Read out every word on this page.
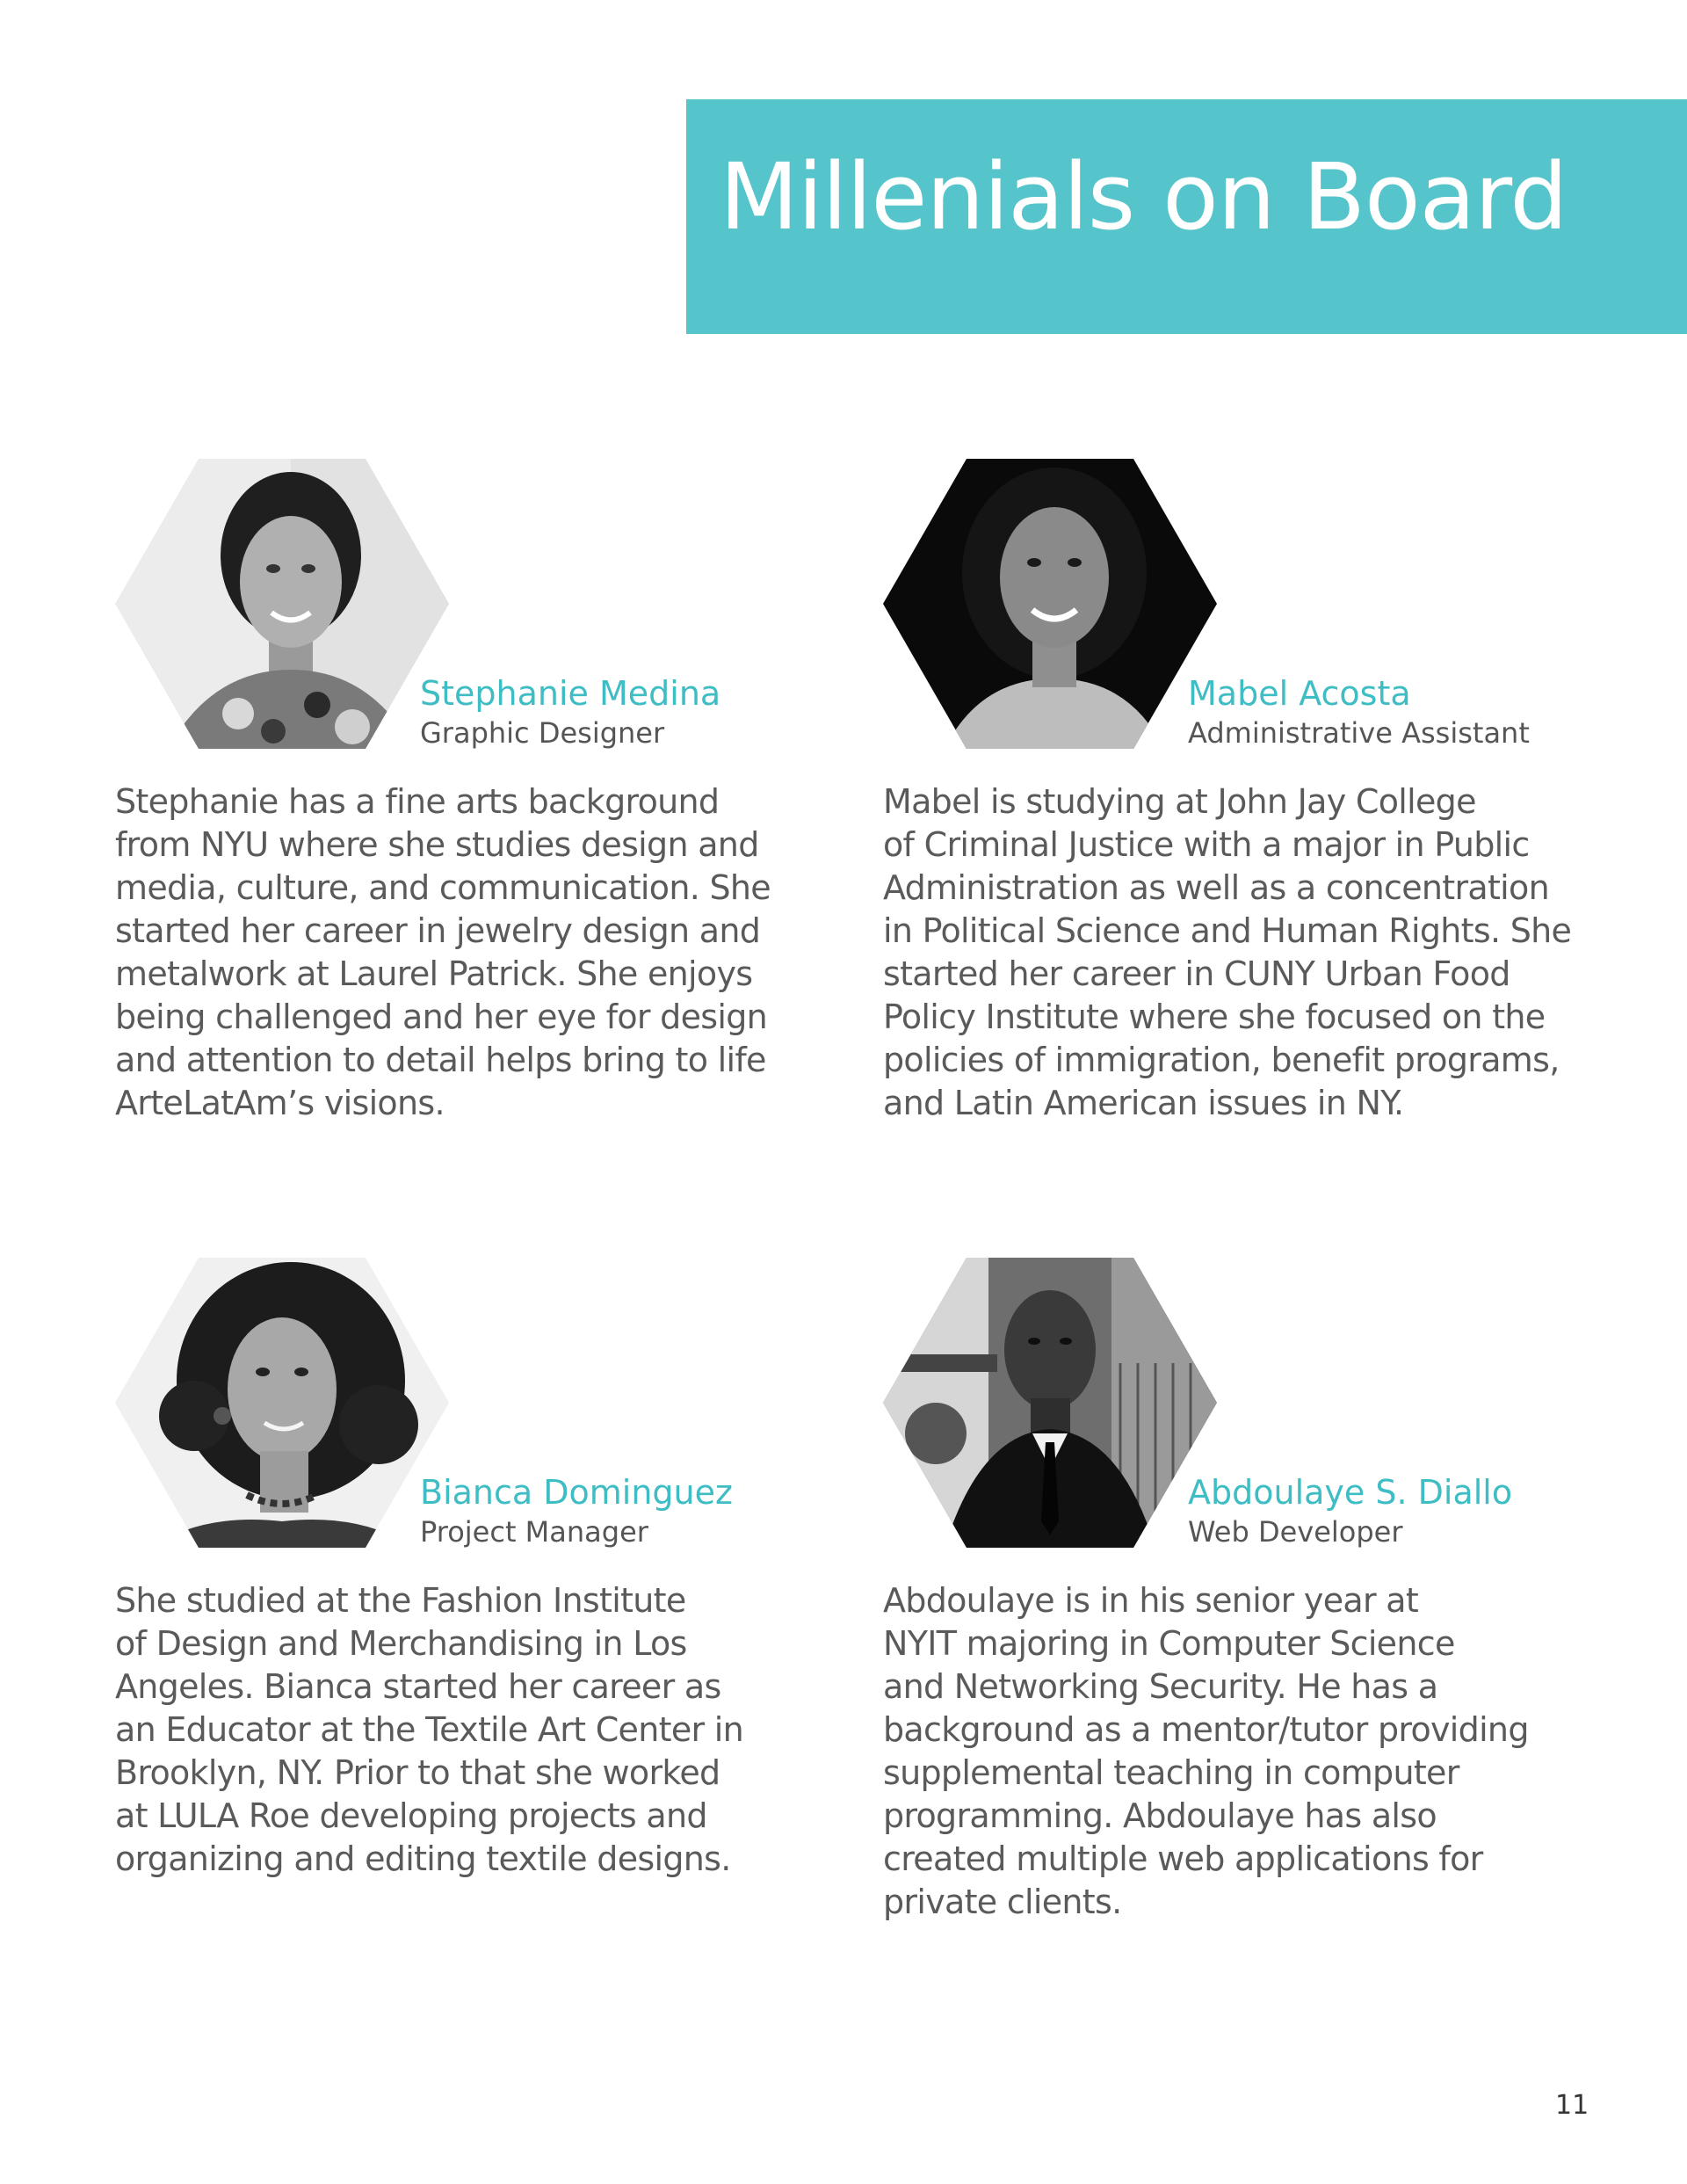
Millenials on Board
Stephanie Medina
Graphic Designer

Stephanie has a fine arts background
from NYU where she studies design and
media, culture, and communication. She
started her career in jewelry design and
metalwork at Laurel Patrick. She enjoys
being challenged and her eye for design
and attention to detail helps bring to life
ArteLatAm’s visions.

Mabel Acosta
Administrative Assistant

Mabel is studying at John Jay College
of Criminal Justice with a major in Public
Administration as well as a concentration
in Political Science and Human Rights. She
started her career in CUNY Urban Food
Policy Institute where she focused on the
policies of immigration, benefit programs,
and Latin American issues in NY.

Bianca Dominguez
Project Manager

She studied at the Fashion Institute
of Design and Merchandising in Los
Angeles. Bianca started her career as
an Educator at the Textile Art Center in
Brooklyn, NY. Prior to that she worked
at LULA Roe developing projects and
organizing and editing textile designs.

Abdoulaye S. Diallo
Web Developer

Abdoulaye is in his senior year at
NYIT majoring in Computer Science
and Networking Security. He has a
background as a mentor/tutor providing
supplemental teaching in computer
programming. Abdoulaye has also
created multiple web applications for
private clients.

11
